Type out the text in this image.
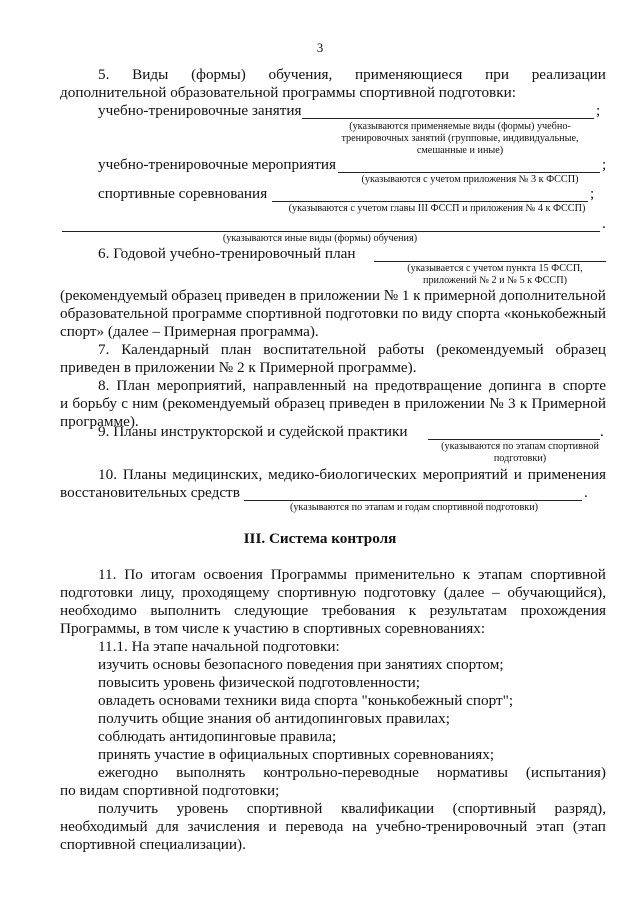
3
5. Виды (формы) обучения, применяющиеся при реализации
дополнительной образовательной программы спортивной подготовки:
учебно-тренировочные занятия	;
(указываются применяемые виды (формы) учебно-
тренировочных занятий (групповые, индивидуальные,
смешанные и иные)
учебно-тренировочные мероприятия	;
(указываются с учетом приложения № 3 к ФССП)
спортивные соревнования	;
(указываются с учетом главы III ФССП и приложения № 4 к ФССП)
.
(указываются иные виды (формы) обучения)
6. Годовой учебно-тренировочный план
(указывается с учетом пункта 15 ФССП,
приложений № 2 и № 5 к ФССП)
(рекомендуемый образец приведен в приложении № 1 к примерной дополнительной
образовательной программе спортивной подготовки по виду спорта «конькобежный
спорт» (далее – Примерная программа).
7. Календарный план воспитательной работы (рекомендуемый образец
приведен в приложении № 2 к Примерной программе).
8. План мероприятий, направленный на предотвращение допинга в спорте
и борьбу с ним (рекомендуемый образец приведен в приложении № 3 к Примерной
программе).
9. Планы инструкторской и судейской практики	.
(указываются по этапам спортивной
подготовки)
10. Планы медицинских, медико-биологических мероприятий и применения
восстановительных средств	.
(указываются по этапам и годам спортивной подготовки)
III. Система контроля
11. По итогам освоения Программы применительно к этапам спортивной
подготовки лицу, проходящему спортивную подготовку (далее – обучающийся),
необходимо выполнить следующие требования к результатам прохождения
Программы, в том числе к участию в спортивных соревнованиях:
11.1. На этапе начальной подготовки:
изучить основы безопасного поведения при занятиях спортом;
повысить уровень физической подготовленности;
овладеть основами техники вида спорта "конькобежный спорт";
получить общие знания об антидопинговых правилах;
соблюдать антидопинговые правила;
принять участие в официальных спортивных соревнованиях;
ежегодно выполнять контрольно-переводные нормативы (испытания)
по видам спортивной подготовки;
получить уровень спортивной квалификации (спортивный разряд),
необходимый для зачисления и перевода на учебно-тренировочный этап (этап
спортивной специализации).
